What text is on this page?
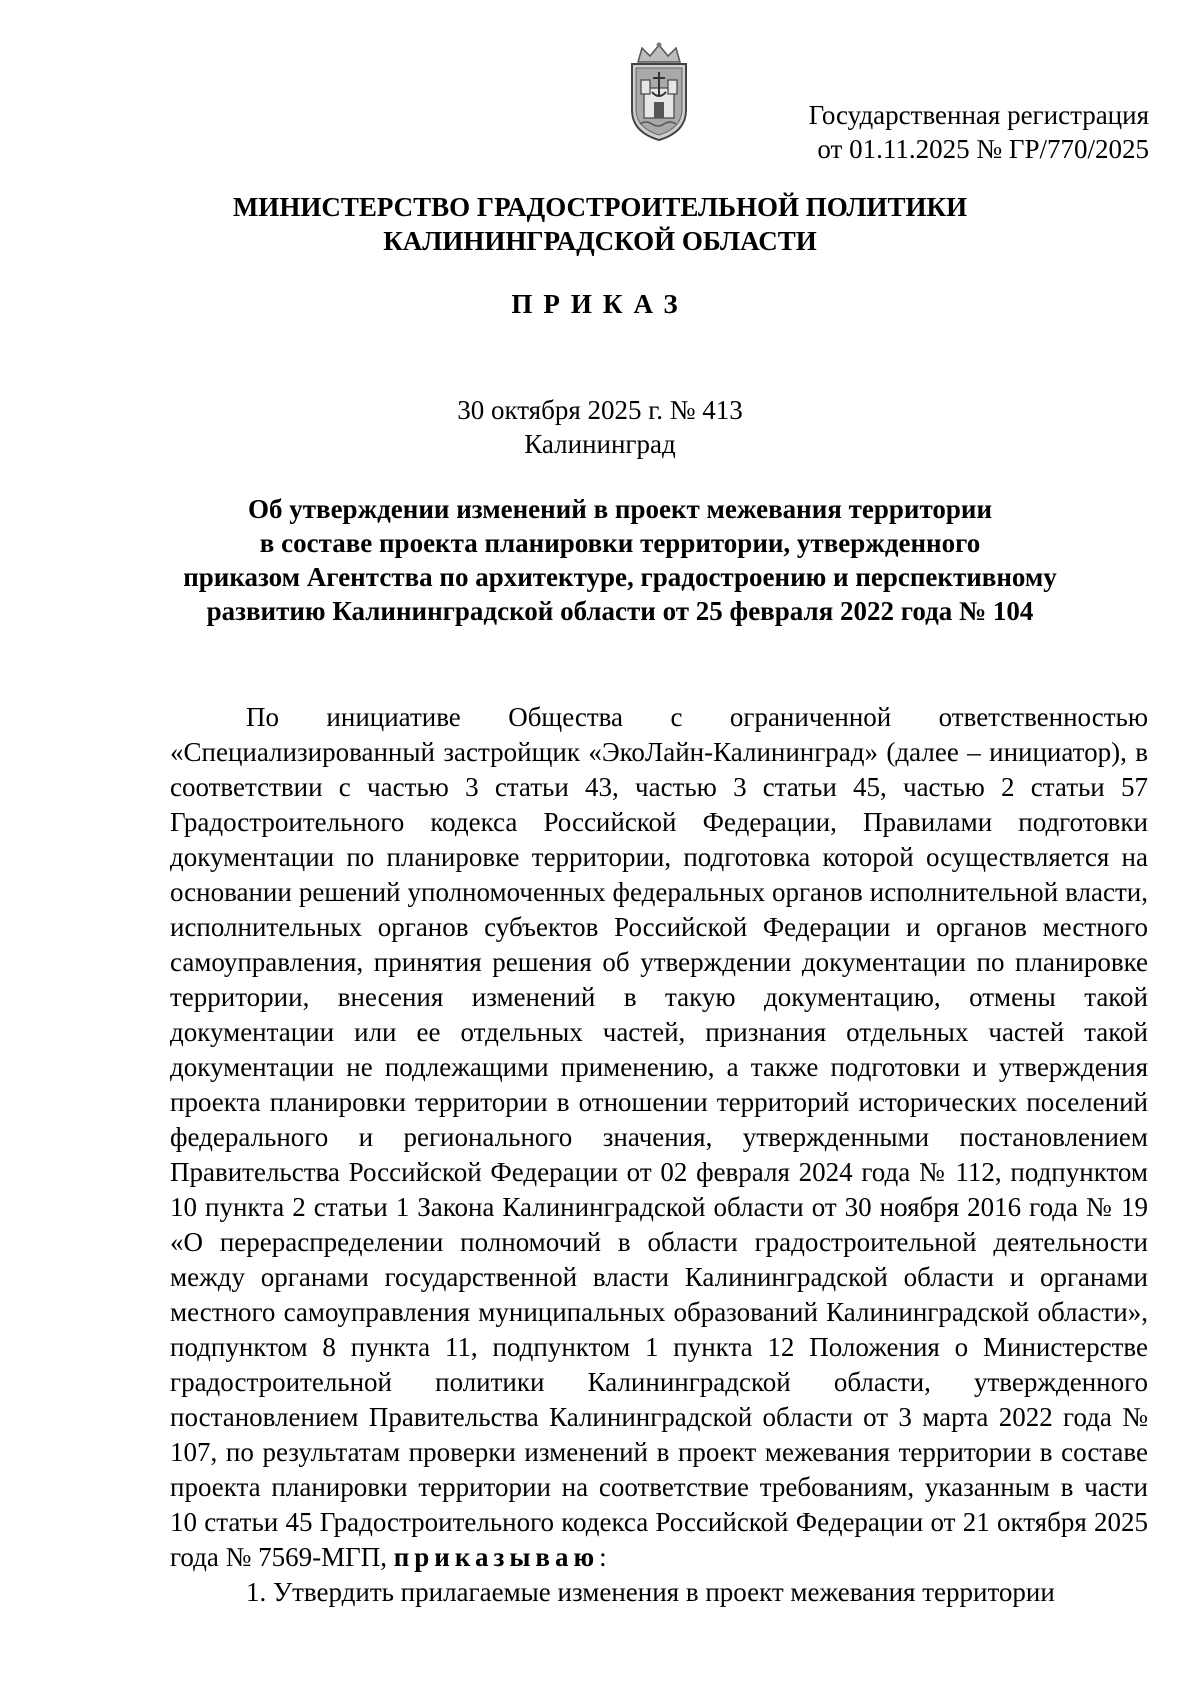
Государственная регистрация
от 01.11.2025 № ГР/770/2025
МИНИСТЕРСТВО ГРАДОСТРОИТЕЛЬНОЙ ПОЛИТИКИ
КАЛИНИНГРАДСКОЙ ОБЛАСТИ
ПРИКАЗ
30 октября 2025 г. № 413
Калининград
Об утверждении изменений в проект межевания территории
в составе проекта планировки территории, утвержденного
приказом Агентства по архитектуре, градостроению и перспективному
развитию Калининградской области от 25 февраля 2022 года № 104

По инициативе Общества с ограниченной ответственностью «Специализированный застройщик «ЭкоЛайн-Калининград» (далее – инициатор), в соответствии с частью 3 статьи 43, частью 3 статьи 45, частью 2 статьи 57 Градостроительного кодекса Российской Федерации, Правилами подготовки документации по планировке территории, подготовка которой осуществляется на основании решений уполномоченных федеральных органов исполнительной власти, исполнительных органов субъектов Российской Федерации и органов местного самоуправления, принятия решения об утверждении документации по планировке территории, внесения изменений в такую документацию, отмены такой документации или ее отдельных частей, признания отдельных частей такой документации не подлежащими применению, а также подготовки и утверждения проекта планировки территории в отношении территорий исторических поселений федерального и регионального значения, утвержденными постановлением Правительства Российской Федерации от 02 февраля 2024 года № 112, подпунктом 10 пункта 2 статьи 1 Закона Калининградской области от 30 ноября 2016 года № 19 «О перераспределении полномочий в области градостроительной деятельности между органами государственной власти Калининградской области и органами местного самоуправления муниципальных образований Калининградской области», подпунктом 8 пункта 11, подпунктом 1 пункта 12 Положения о Министерстве градостроительной политики Калининградской области, утвержденного постановлением Правительства Калининградской области от 3 марта 2022 года № 107, по результатам проверки изменений в проект межевания территории в составе проекта планировки территории на соответствие требованиям, указанным в части 10 статьи 45 Градостроительного кодекса Российской Федерации от 21 октября 2025 года № 7569-МГП, приказываю:

1. Утвердить прилагаемые изменения в проект межевания территории
